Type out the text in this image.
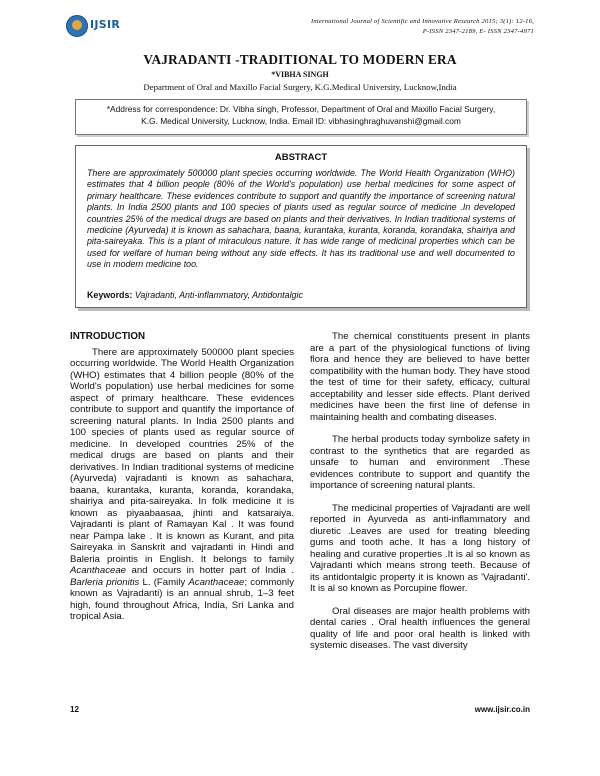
IJSIR	International Journal of Scientific and Innovative Research 2015; 3(1): 12-16,
P-ISSN 2347-2189, E- ISSN 2347-4971
VAJRADANTI -TRADITIONAL TO MODERN ERA
*VIBHA SINGH
Department of Oral and Maxillo Facial Surgery, K.G.Medical University, Lucknow,India
*Address for correspondence: Dr. Vibha singh, Professor, Department of Oral and Maxillo Facial Surgery,
K.G. Medical University, Lucknow, India. Email ID: vibhasinghraghuvanshi@gmail.com
ABSTRACT
There are approximately 500000 plant species occurring worldwide. The World Health Organization (WHO) estimates that 4 billion people (80% of the World's population) use herbal medicines for some aspect of primary healthcare. These evidences contribute to support and quantify the importance of screening natural plants. In India 2500 plants and 100 species of plants used as regular source of medicine .In developed countries 25% of the medical drugs are based on plants and their derivatives. In Indian traditional systems of medicine (Ayurveda) it is known as sahachara, baana, kurantaka, kuranta, koranda, korandaka, shairiya and pita-saireyaka. This is a plant of miraculous nature. It has wide range of medicinal properties which can be used for welfare of human being without any side effects. It has its traditional use and well documented to use in modern medicine too.
Keywords: Vajradanti, Anti-inflammatory, Antidontalgic
INTRODUCTION

There are approximately 500000 plant species occurring worldwide. The World Health Organization (WHO) estimates that 4 billion people (80% of the World's population) use herbal medicines for some aspect of primary healthcare. These evidences contribute to support and quantify the importance of screening natural plants. In India 2500 plants and 100 species of plants used as regular source of medicine. In developed countries 25% of the medical drugs are based on plants and their derivatives. In Indian traditional systems of medicine (Ayurveda) vajradanti is known as sahachara, baana, kurantaka, kuranta, koranda, korandaka, shairiya and pita-saireyaka. In folk medicine it is known as piyaabaasaa, jhinti and katsaraiya. Vajradanti is plant of Ramayan Kal . It was found near Pampa lake . It is known as Kurant, and pita Saireyaka in Sanskrit and vajradanti in Hindi and Baleria prointis in English. It belongs to family Acanthaceae and occurs in hotter part of India . Barleria prionitis L. (Family Acanthaceae; commonly known as Vajradanti) is an annual shrub, 1–3 feet high, found throughout Africa, India, Sri Lanka and tropical Asia.

The chemical constituents present in plants are a part of the physiological functions of living flora and hence they are believed to have better compatibility with the human body. They have stood the test of time for their safety, efficacy, cultural acceptability and lesser side effects. Plant derived medicines have been the first line of defense in maintaining health and combating diseases.

The herbal products today symbolize safety in contrast to the synthetics that are regarded as unsafe to human and environment .These evidences contribute to support and quantify the importance of screening natural plants.

The medicinal properties of Vajradanti are well reported in Ayurveda as anti-inflammatory and diuretic .Leaves are used for treating bleeding gums and tooth ache. It has a long history of healing and curative properties .It is al so known as Vajradanti which means strong teeth. Because of its antidontalgic property it is known as 'Vajradanti'. It is al so known as Porcupine flower.

Oral diseases are major health problems with dental caries . Oral health influences the general quality of life and poor oral health is linked with systemic diseases. The vast diversity

12	www.ijsir.co.in
